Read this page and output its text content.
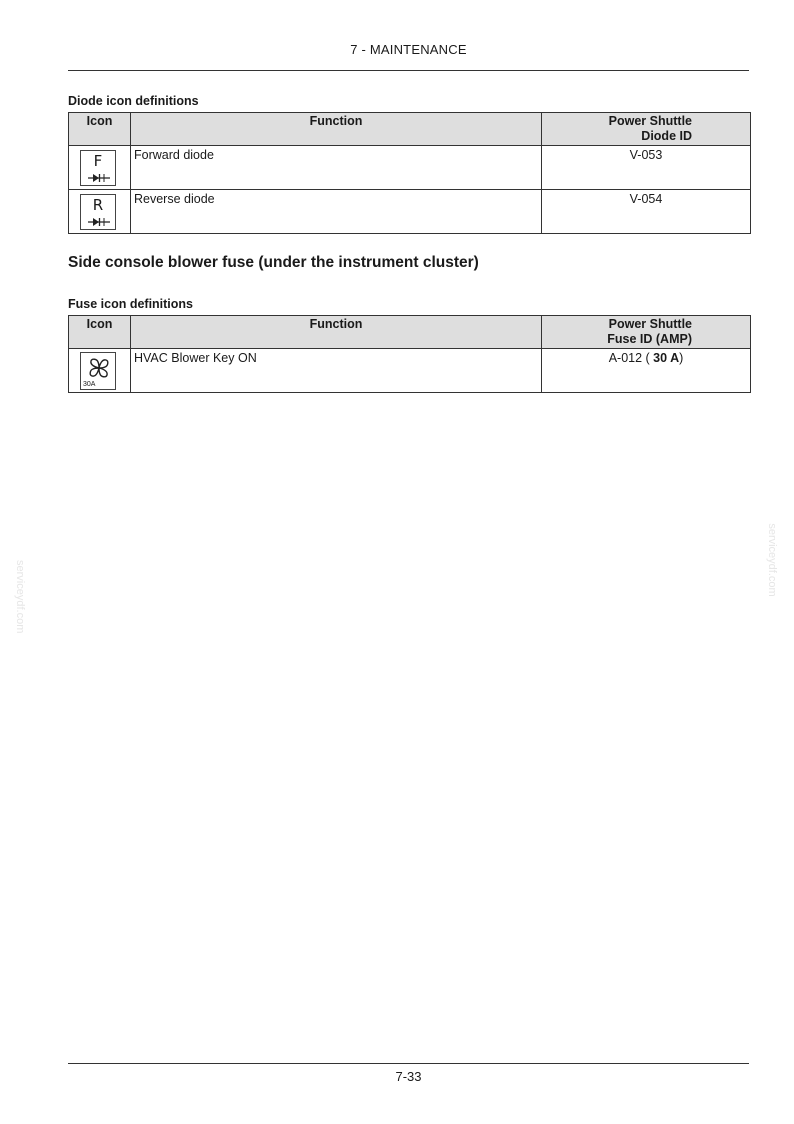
7 - MAINTENANCE
Diode icon definitions
Icon	Function	Power Shuttle
Diode ID

F	Forward diode	V-053

R	Reverse diode	V-054
Side console blower fuse (under the instrument cluster)
Fuse icon definitions
Icon	Function	Power Shuttle
Fuse ID (AMP)

30A	HVAC Blower Key ON	A-012 ( 30 A)
serviceydf.com	serviceydf.com
7-33
